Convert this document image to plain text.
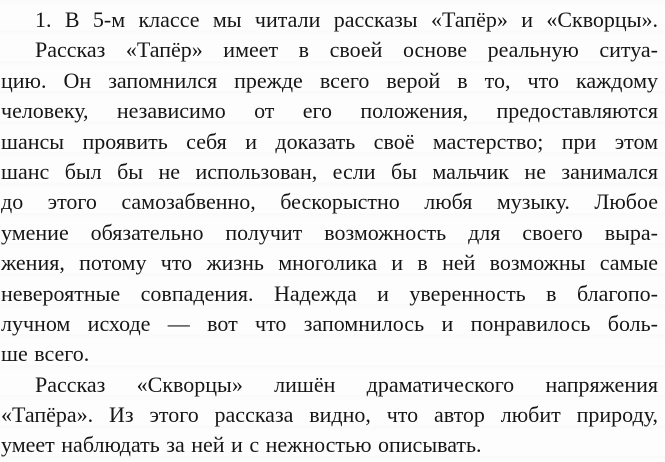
1. В 5-м классе мы читали рассказы «Тапёр» и «Скворцы».
Рассказ «Тапёр» имеет в своей основе реальную ситуа-
цию. Он запомнился прежде всего верой в то, что каждому
человеку, независимо от его положения, предоставляются
шансы проявить себя и доказать своё мастерство; при этом
шанс был бы не использован, если бы мальчик не занимался
до этого самозабвенно, бескорыстно любя музыку. Любое
умение обязательно получит возможность для своего выра-
жения, потому что жизнь многолика и в ней возможны самые
невероятные совпадения. Надежда и уверенность в благопо-
лучном исходе — вот что запомнилось и понравилось боль-
ше всего.
Рассказ «Скворцы» лишён драматического напряжения
«Тапёра». Из этого рассказа видно, что автор любит природу,
умеет наблюдать за ней и с нежностью описывать.
